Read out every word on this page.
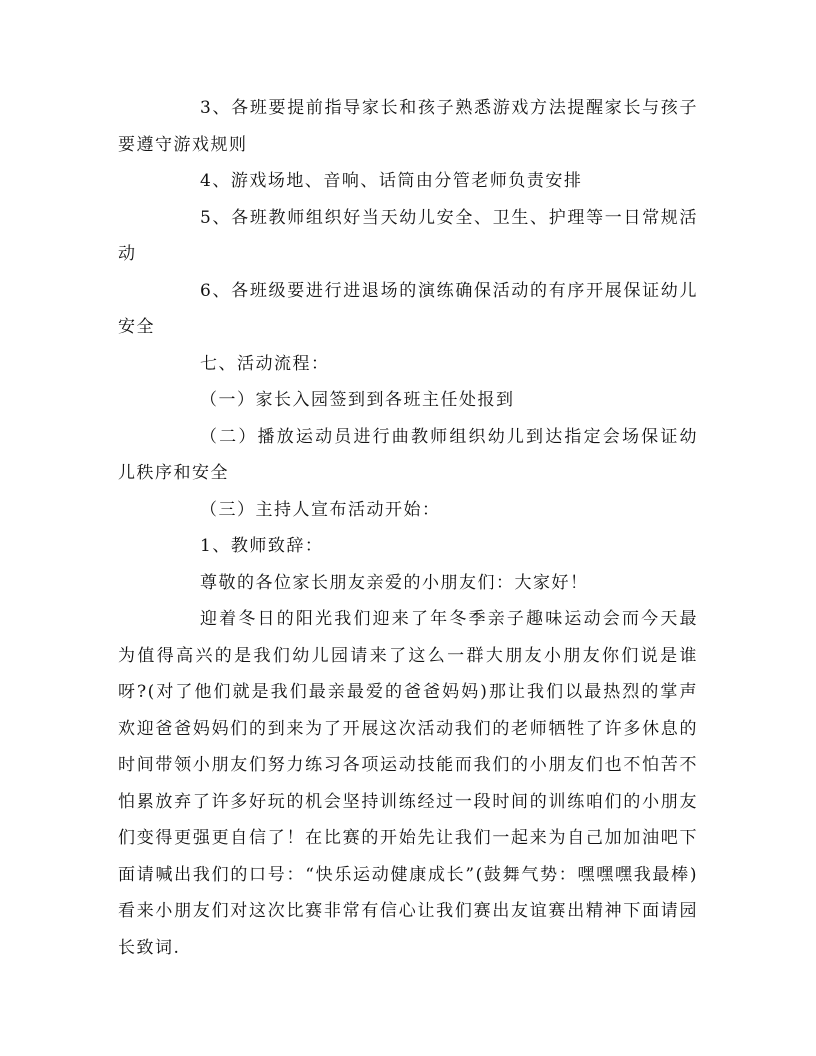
3、各班要提前指导家长和孩子熟悉游戏方法提醒家长与孩子要遵守游戏规则

4、游戏场地、音响、话筒由分管老师负责安排

5、各班教师组织好当天幼儿安全、卫生、护理等一日常规活动

6、各班级要进行进退场的演练确保活动的有序开展保证幼儿安全

七、活动流程：

（一）家长入园签到到各班主任处报到

（二）播放运动员进行曲教师组织幼儿到达指定会场保证幼儿秩序和安全

（三）主持人宣布活动开始：

1、教师致辞：

尊敬的各位家长朋友亲爱的小朋友们：大家好！

迎着冬日的阳光我们迎来了年冬季亲子趣味运动会而今天最为值得高兴的是我们幼儿园请来了这么一群大朋友小朋友你们说是谁呀?(对了他们就是我们最亲最爱的爸爸妈妈)那让我们以最热烈的掌声欢迎爸爸妈妈们的到来为了开展这次活动我们的老师牺牲了许多休息的时间带领小朋友们努力练习各项运动技能而我们的小朋友们也不怕苦不怕累放弃了许多好玩的机会坚持训练经过一段时间的训练咱们的小朋友们变得更强更自信了！在比赛的开始先让我们一起来为自己加加油吧下面请喊出我们的口号：“快乐运动健康成长”(鼓舞气势：嘿嘿嘿我最棒)看来小朋友们对这次比赛非常有信心让我们赛出友谊赛出精神下面请园长致词.
